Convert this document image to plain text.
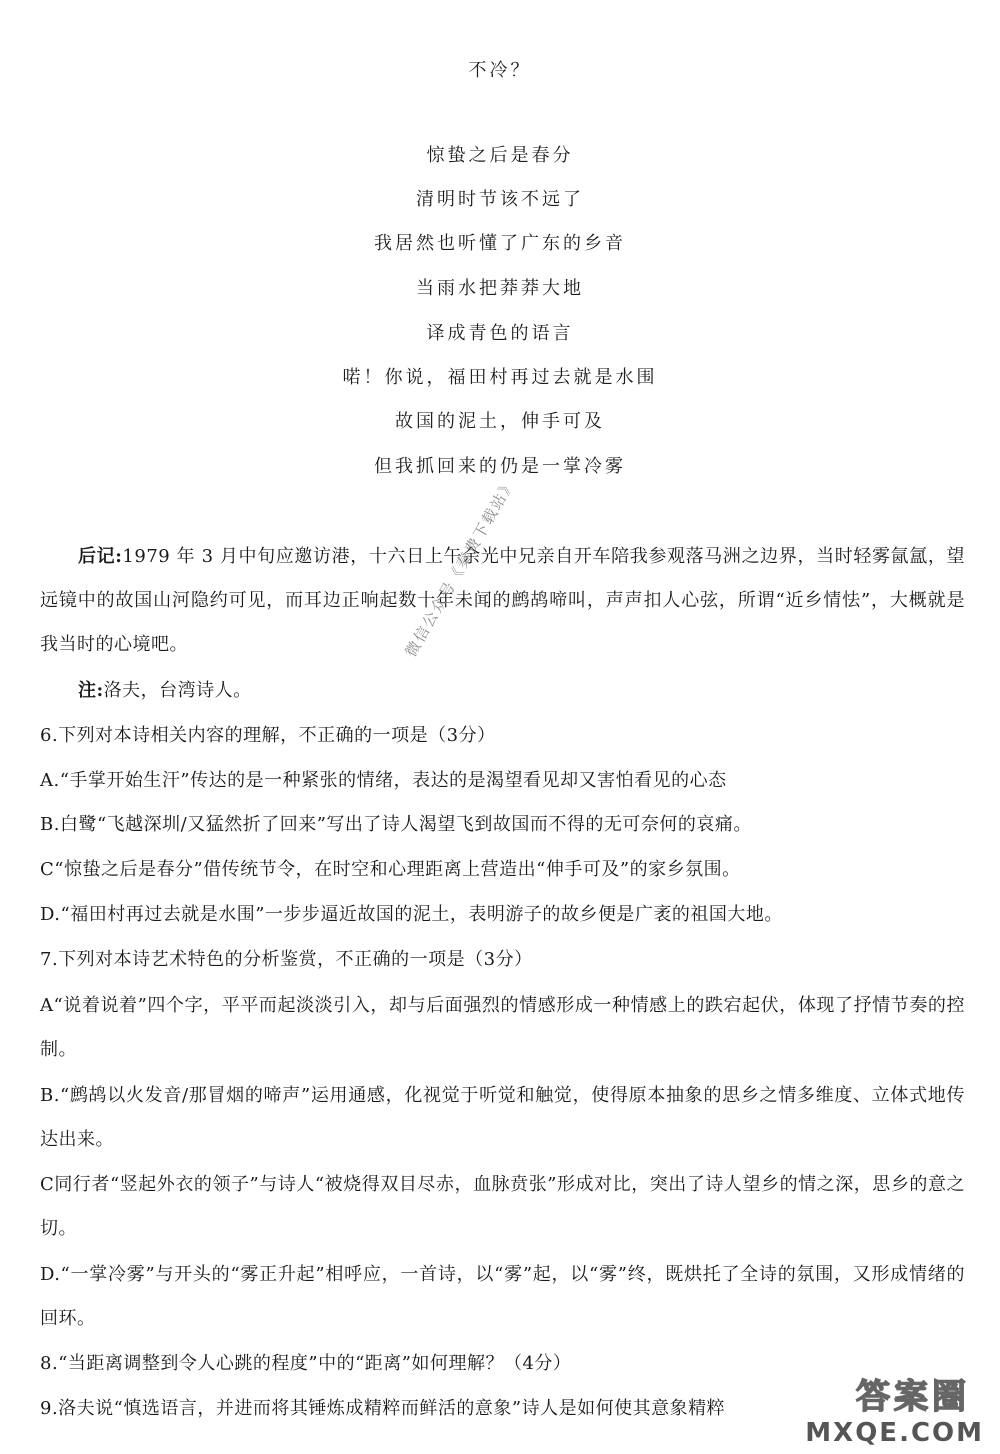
不冷？
惊蛰之后是春分
清明时节该不远了
我居然也听懂了广东的乡音
当雨水把莽莽大地
译成青色的语言
喏！你说，福田村再过去就是水围
故国的泥土，伸手可及
但我抓回来的仍是一掌冷雾
后记:1979 年 3 月中旬应邀访港，十六日上午余光中兄亲自开车陪我参观落马洲之边界，当时轻雾氤氲，望远镜中的故国山河隐约可见，而耳边正响起数十年未闻的鹧鸪啼叫，声声扣人心弦，所谓“近乡情怯”，大概就是我当时的心境吧。
注:洛夫，台湾诗人。
6.下列对本诗相关内容的理解，不正确的一项是（3分）
A.“手掌开始生汗”传达的是一种紧张的情绪，表达的是渴望看见却又害怕看见的心态
B.白鹭“飞越深圳/又猛然折了回来”写出了诗人渴望飞到故国而不得的无可奈何的哀痛。
C“惊蛰之后是春分”借传统节令，在时空和心理距离上营造出“伸手可及”的家乡氛围。
D.“福田村再过去就是水围”一步步逼近故国的泥土，表明游子的故乡便是广袤的祖国大地。
7.下列对本诗艺术特色的分析鉴赏，不正确的一项是（3分）
A“说着说着”四个字，平平而起淡淡引入，却与后面强烈的情感形成一种情感上的跌宕起伏，体现了抒情节奏的控制。
B.“鹧鸪以火发音/那冒烟的啼声”运用通感，化视觉于听觉和触觉，使得原本抽象的思乡之情多维度、立体式地传达出来。
C同行者“竖起外衣的领子”与诗人“被烧得双目尽赤，血脉贲张”形成对比，突出了诗人望乡的情之深，思乡的意之切。
D.“一掌冷雾”与开头的“雾正升起”相呼应，一首诗，以“雾”起，以“雾”终，既烘托了全诗的氛围，又形成情绪的回环。
8.“当距离调整到令人心跳的程度”中的“距离”如何理解？（4分）
9.洛夫说“慎选语言，并进而将其锤炼成精粹而鲜活的意象”诗人是如何使其意象精粹
微信公众号《秦费下载站》
答案圈
MXQE.COM
